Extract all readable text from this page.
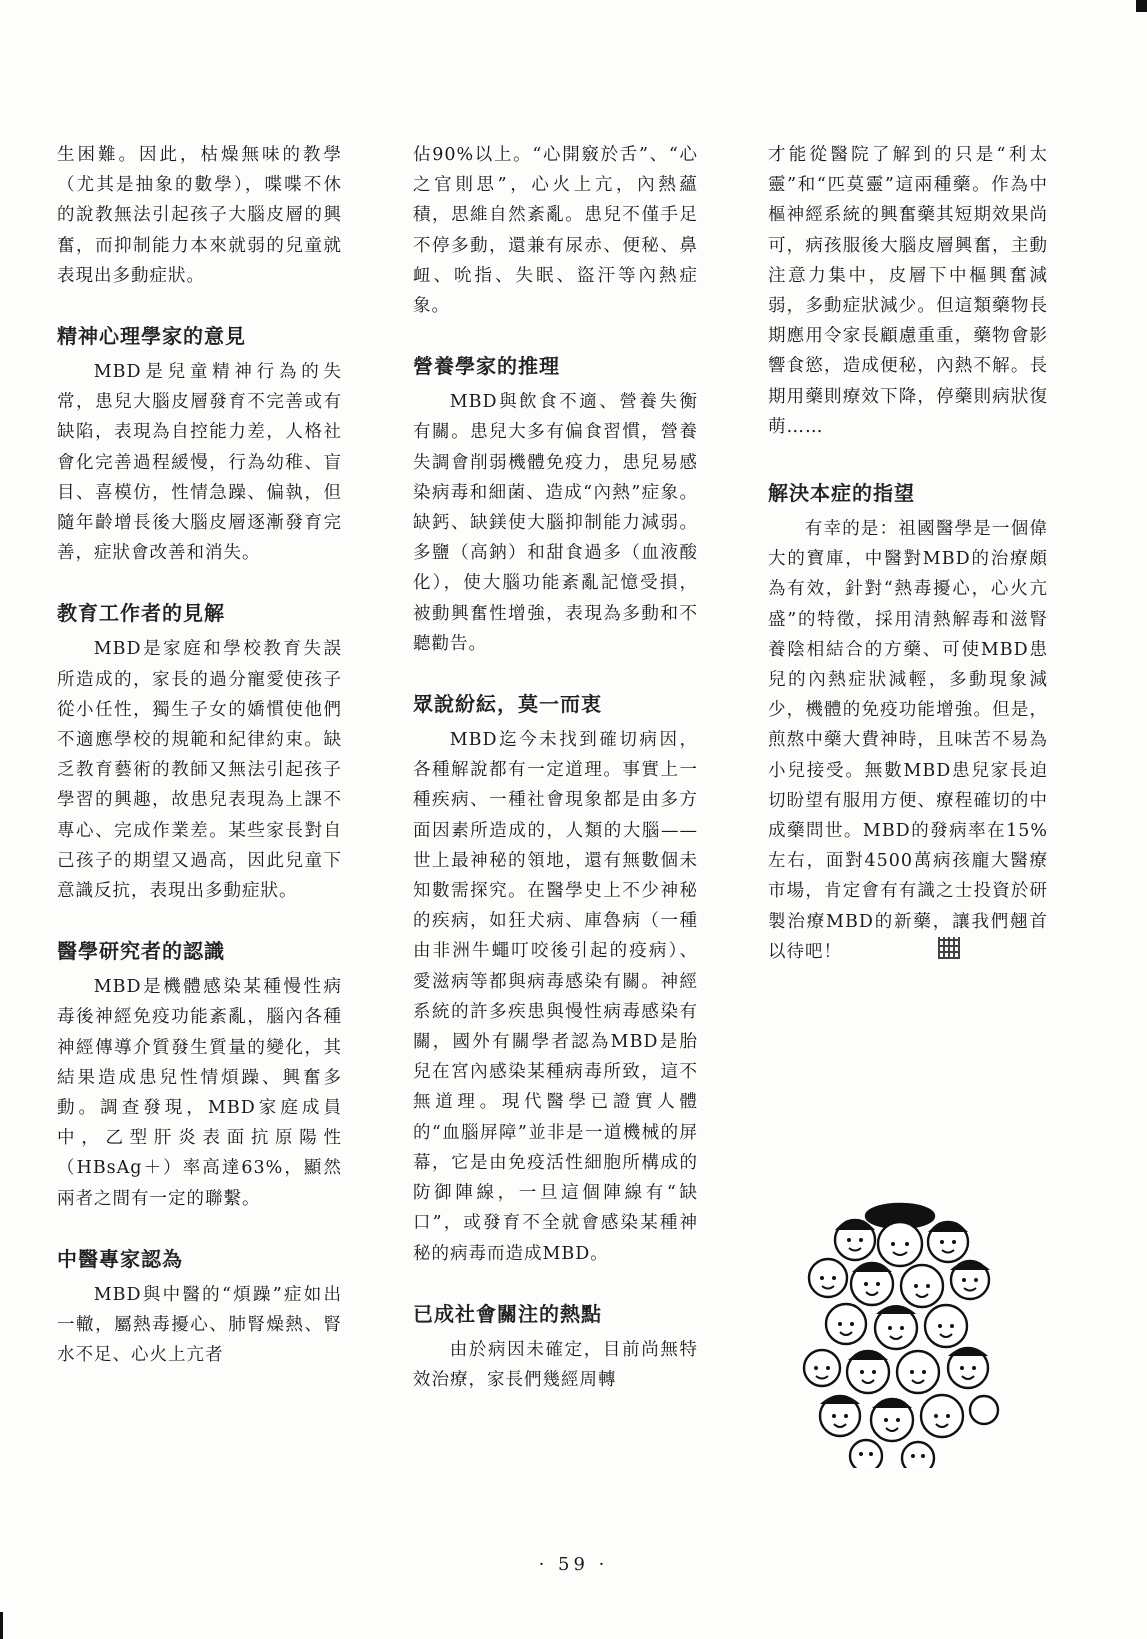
生困難。因此，枯燥無味的教學（尤其是抽象的數學），喋喋不休的說教無法引起孩子大腦皮層的興奮，而抑制能力本來就弱的兒童就表現出多動症狀。

精神心理學家的意見

MBD是兒童精神行為的失常，患兒大腦皮層發育不完善或有缺陷，表現為自控能力差，人格社會化完善過程緩慢，行為幼稚、盲目、喜模仿，性情急躁、偏執，但隨年齡增長後大腦皮層逐漸發育完善，症狀會改善和消失。

教育工作者的見解

MBD是家庭和學校教育失誤所造成的，家長的過分寵愛使孩子從小任性，獨生子女的嬌慣使他們不適應學校的規範和紀律約束。缺乏教育藝術的教師又無法引起孩子學習的興趣，故患兒表現為上課不專心、完成作業差。某些家長對自己孩子的期望又過高，因此兒童下意識反抗，表現出多動症狀。

醫學研究者的認識

MBD是機體感染某種慢性病毒後神經免疫功能紊亂，腦內各種神經傳導介質發生質量的變化，其結果造成患兒性情煩躁、興奮多動。調查發現，MBD家庭成員中，乙型肝炎表面抗原陽性（HBsAg＋）率高達63%，顯然兩者之間有一定的聯繫。

中醫專家認為

MBD與中醫的“煩躁”症如出一轍，屬熱毒擾心、肺腎燥熱、腎水不足、心火上亢者

佔90%以上。“心開竅於舌”、“心之官則思”，心火上亢，內熱蘊積，思維自然紊亂。患兒不僅手足不停多動，還兼有尿赤、便秘、鼻衄、吮指、失眠、盜汗等內熱症象。

營養學家的推理

MBD與飲食不適、營養失衡有關。患兒大多有偏食習慣，營養失調會削弱機體免疫力，患兒易感染病毒和細菌、造成“內熱”症象。缺鈣、缺鎂使大腦抑制能力減弱。多鹽（高鈉）和甜食過多（血液酸化），使大腦功能紊亂記憶受損，被動興奮性增強，表現為多動和不聽勸告。

眾說紛紜，莫一而衷

MBD迄今未找到確切病因，各種解說都有一定道理。事實上一種疾病、一種社會現象都是由多方面因素所造成的，人類的大腦——世上最神秘的領地，還有無數個未知數需探究。在醫學史上不少神秘的疾病，如狂犬病、庫魯病（一種由非洲牛蠅叮咬後引起的疫病）、愛滋病等都與病毒感染有關。神經系統的許多疾患與慢性病毒感染有關，國外有關學者認為MBD是胎兒在宮內感染某種病毒所致，這不無道理。現代醫學已證實人體的“血腦屏障”並非是一道機械的屏幕，它是由免疫活性細胞所構成的防御陣線，一旦這個陣線有“缺口”，或發育不全就會感染某種神秘的病毒而造成MBD。

已成社會關注的熱點

由於病因未確定，目前尚無特效治療，家長們幾經周轉

才能從醫院了解到的只是“利太靈”和“匹莫靈”這兩種藥。作為中樞神經系統的興奮藥其短期效果尚可，病孩服後大腦皮層興奮，主動注意力集中，皮層下中樞興奮減弱，多動症狀減少。但這類藥物長期應用令家長顧慮重重，藥物會影響食慾，造成便秘，內熱不解。長期用藥則療效下降，停藥則病狀復萌……

解決本症的指望

有幸的是：祖國醫學是一個偉大的寶庫，中醫對MBD的治療頗為有效，針對“熱毒擾心，心火亢盛”的特徵，採用清熱解毒和滋腎養陰相結合的方藥、可使MBD患兒的內熱症狀減輕，多動現象減少，機體的免疫功能增強。但是，煎熬中藥大費神時，且味苦不易為小兒接受。無數MBD患兒家長迫切盼望有服用方便、療程確切的中成藥問世。MBD的發病率在15%左右，面對4500萬病孩龐大醫療市場，肯定會有有識之士投資於研製治療MBD的新藥，讓我們翹首以待吧！

· 59 ·
